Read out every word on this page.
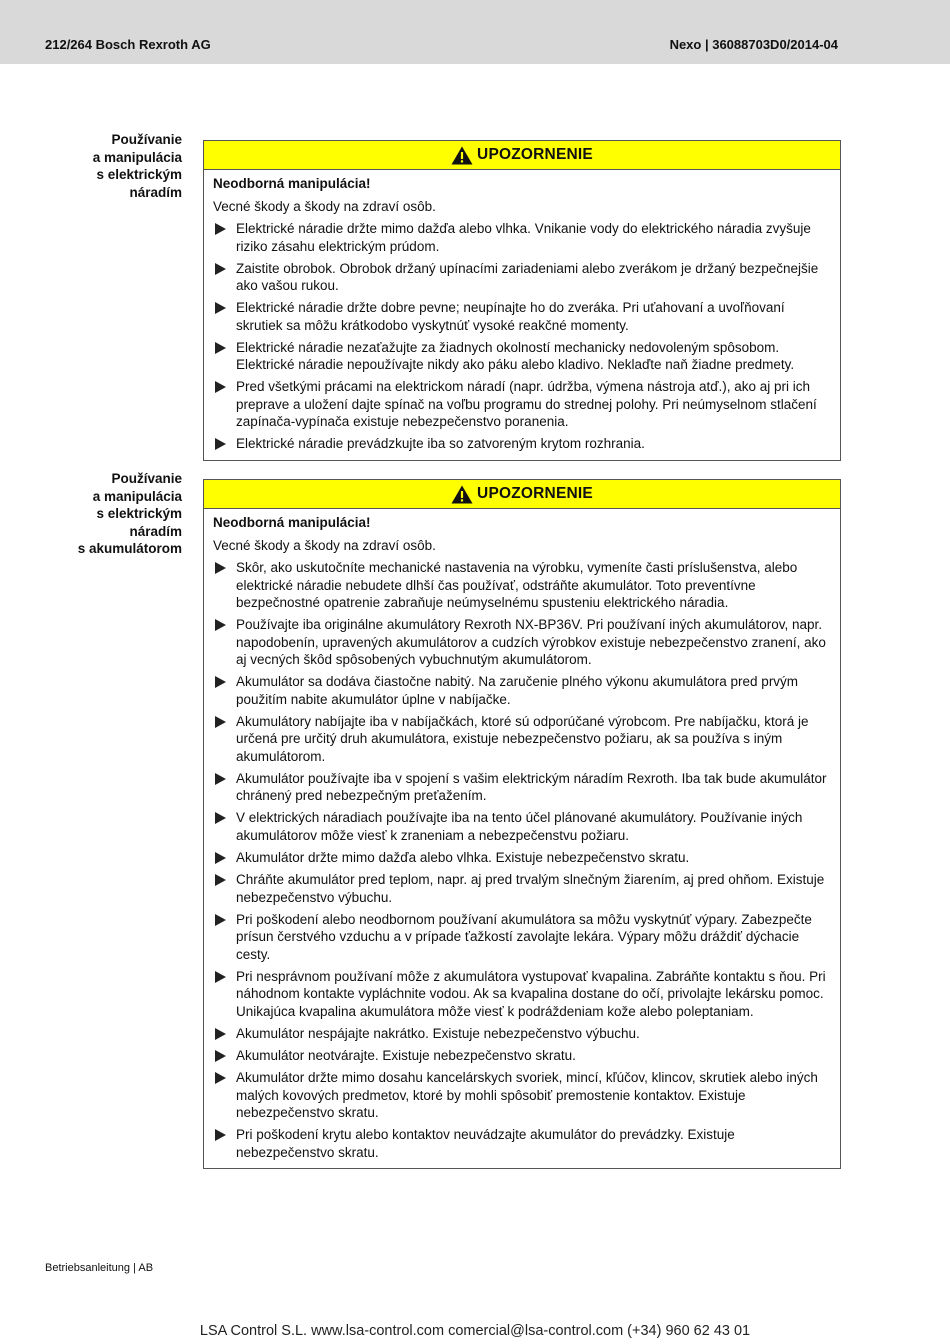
212/264 Bosch Rexroth AG	Nexo | 36088703D0/2014-04
Používanie
a manipulácia
s elektrickým
náradím
UPOZORNENIE

Neodborná manipulácia!

Vecné škody a škody na zdraví osôb.

Elektrické náradie držte mimo dažďa alebo vlhka. Vnikanie vody do elektrického náradia zvyšuje riziko zásahu elektrickým prúdom.
Zaistite obrobok. Obrobok držaný upínacími zariadeniami alebo zverákom je držaný bezpečnejšie ako vašou rukou.
Elektrické náradie držte dobre pevne; neupínajte ho do zveráka. Pri uťahovaní a uvoľňovaní skrutiek sa môžu krátkodobo vyskytnúť vysoké reakčné momenty.
Elektrické náradie nezaťažujte za žiadnych okolností mechanicky nedovoleným spôsobom. Elektrické náradie nepoužívajte nikdy ako páku alebo kladivo. Neklaďte naň žiadne predmety.
Pred všetkými prácami na elektrickom náradí (napr. údržba, výmena nástroja atď.), ako aj pri ich preprave a uložení dajte spínač na voľbu programu do strednej polohy. Pri neúmyselnom stlačení zapínača-vypínača existuje nebezpečenstvo poranenia.
Elektrické náradie prevádzkujte iba so zatvoreným krytom rozhrania.
Používanie
a manipulácia
s elektrickým
náradím
s akumulátorom
UPOZORNENIE

Neodborná manipulácia!

Vecné škody a škody na zdraví osôb.

Skôr, ako uskutočníte mechanické nastavenia na výrobku, vymeníte časti príslušenstva, alebo elektrické náradie nebudete dlhší čas používať, odstráňte akumulátor. Toto preventívne bezpečnostné opatrenie zabraňuje neúmyselnému spusteniu elektrického náradia.
Používajte iba originálne akumulátory Rexroth NX-BP36V. Pri používaní iných akumulátorov, napr. napodobenín, upravených akumulátorov a cudzích výrobkov existuje nebezpečenstvo zranení, ako aj vecných škôd spôsobených vybuchnutým akumulátorom.
Akumulátor sa dodáva čiastočne nabitý. Na zaručenie plného výkonu akumulátora pred prvým použitím nabite akumulátor úplne v nabíjačke.
Akumulátory nabíjajte iba v nabíjačkách, ktoré sú odporúčané výrobcom. Pre nabíjačku, ktorá je určená pre určitý druh akumulátora, existuje nebezpečenstvo požiaru, ak sa používa s iným akumulátorom.
Akumulátor používajte iba v spojení s vašim elektrickým náradím Rexroth. Iba tak bude akumulátor chránený pred nebezpečným preťažením.
V elektrických náradiach používajte iba na tento účel plánované akumulátory. Používanie iných akumulátorov môže viesť k zraneniam a nebezpečenstvu požiaru.
Akumulátor držte mimo dažďa alebo vlhka. Existuje nebezpečenstvo skratu.
Chráňte akumulátor pred teplom, napr. aj pred trvalým slnečným žiarením, aj pred ohňom. Existuje nebezpečenstvo výbuchu.
Pri poškodení alebo neodbornom používaní akumulátora sa môžu vyskytnúť výpary. Zabezpečte prísun čerstvého vzduchu a v prípade ťažkostí zavolajte lekára. Výpary môžu dráždiť dýchacie cesty.
Pri nesprávnom používaní môže z akumulátora vystupovať kvapalina. Zabráňte kontaktu s ňou. Pri náhodnom kontakte vypláchnite vodou. Ak sa kvapalina dostane do očí, privolajte lekársku pomoc. Unikajúca kvapalina akumulátora môže viesť k podráždeniam kože alebo poleptaniam.
Akumulátor nespájajte nakrátko. Existuje nebezpečenstvo výbuchu.
Akumulátor neotvárajte. Existuje nebezpečenstvo skratu.
Akumulátor držte mimo dosahu kancelárskych svoriek, mincí, kľúčov, klincov, skrutiek alebo iných malých kovových predmetov, ktoré by mohli spôsobiť premostenie kontaktov. Existuje nebezpečenstvo skratu.
Pri poškodení krytu alebo kontaktov neuvádzajte akumulátor do prevádzky. Existuje nebezpečenstvo skratu.
Betriebsanleitung | AB
LSA Control S.L. www.lsa-control.com comercial@lsa-control.com (+34) 960 62 43 01
